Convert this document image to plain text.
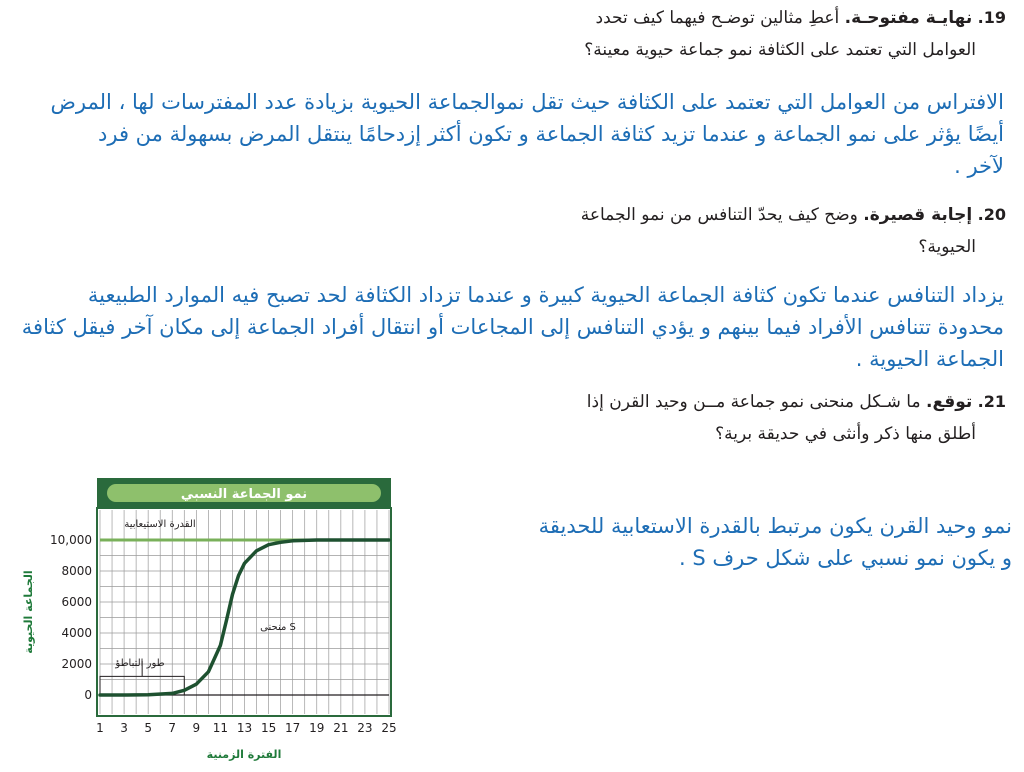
19. نهايـة مفتوحـة. أعطِ مثالين توضـح فيهما كيف تحدد
العوامل التي تعتمد على الكثافة نمو جماعة حيوية معينة؟
الافتراس من العوامل التي تعتمد على الكثافة حيث تقل نموالجماعة الحيوية بزيادة عدد المفترسات لها ، المرض
أيضًا يؤثر على نمو الجماعة و عندما تزيد كثافة الجماعة و تكون أكثر إزدحامًا ينتقل المرض بسهولة من فرد
لآخر .
20. إجابة قصيرة. وضح كيف يحدّ التنافس من نمو الجماعة
الحيوية؟
يزداد التنافس عندما تكون كثافة الجماعة الحيوية كبيرة و عندما تزداد الكثافة لحد تصبح فيه الموارد الطبيعية
محدودة تتنافس الأفراد فيما بينهم و يؤدي التنافس إلى المجاعات أو انتقال أفراد الجماعة إلى مكان آخر فيقل كثافة
الجماعة الحيوية .
21. توقع. ما شـكل منحنى نمو جماعة مــن وحيد القرن إذا
أطلق منها ذكر وأنثى في حديقة برية؟
نمو وحيد القرن يكون مرتبط بالقدرة الاستعابية للحديقة
و يكون نمو نسبي على شكل حرف S .
نمو الجماعة النسبي
القدرة الاستيعابية
طور التباطؤ
منحنى S
الفترة الزمنية
الجماعة الحيوية
0
2000
4000
6000
8000
10,000
1 3 5 7 9 11 13 15 17 19 21 23 25
